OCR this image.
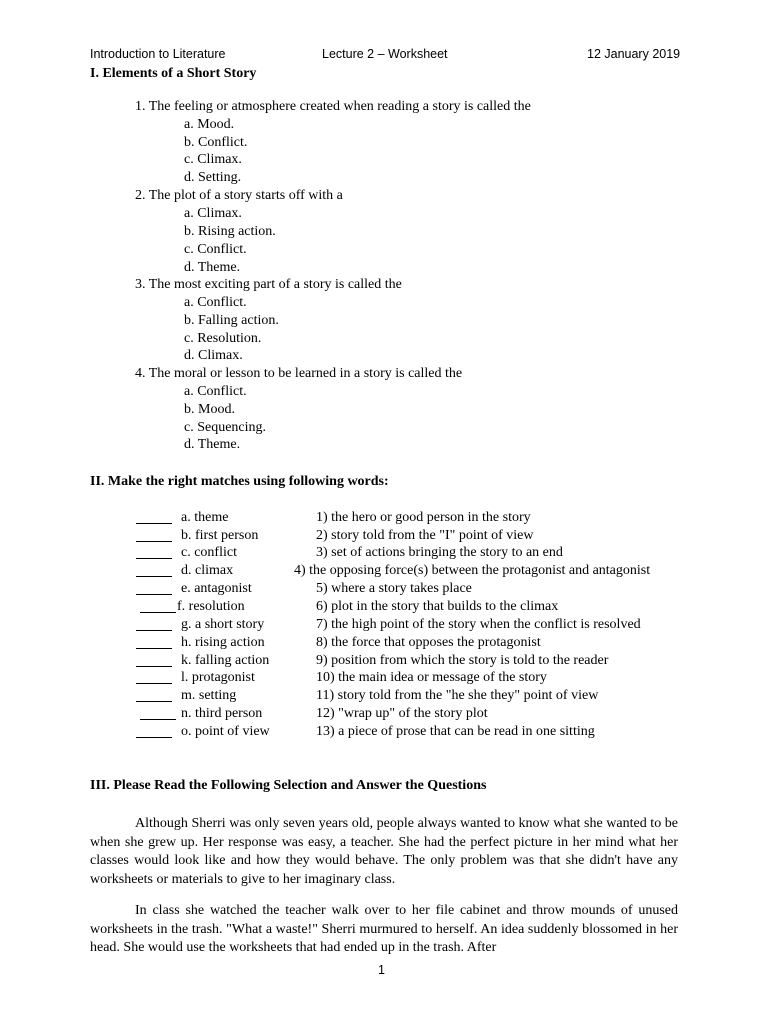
Introduction to Literature	Lecture 2 – Worksheet	12 January 2019
I. Elements of a Short Story
1. The feeling or atmosphere created when reading a story is called the
a. Mood.
b. Conflict.
c. Climax.
d. Setting.
2. The plot of a story starts off with a
a. Climax.
b. Rising action.
c. Conflict.
d. Theme.
3. The most exciting part of a story is called the
a. Conflict.
b. Falling action.
c. Resolution.
d. Climax.
4. The moral or lesson to be learned in a story is called the
a. Conflict.
b. Mood.
c. Sequencing.
d. Theme.
II. Make the right matches using following words:
a. theme	1) the hero or good person in the story
b. first person	2) story told from the "I" point of view
c. conflict	3) set of actions bringing the story to an end
d. climax	4) the opposing force(s) between the protagonist and antagonist
e. antagonist	5) where a story takes place
f. resolution	6) plot in the story that builds to the climax
g. a short story	7) the high point of the story when the conflict is resolved
h. rising action	8) the force that opposes the protagonist
k. falling action	9) position from which the story is told to the reader
l. protagonist	10) the main idea or message of the story
m. setting	11) story told from the "he she they" point of view
n. third person	12) "wrap up" of the story plot
o. point of view	13) a piece of prose that can be read in one sitting
III. Please Read the Following Selection and Answer the Questions

Although Sherri was only seven years old, people always wanted to know what she wanted to be when she grew up. Her response was easy, a teacher. She had the perfect picture in her mind what her classes would look like and how they would behave. The only problem was that she didn't have any worksheets or materials to give to her imaginary class.

In class she watched the teacher walk over to her file cabinet and throw mounds of unused worksheets in the trash. "What a waste!" Sherri murmured to herself. An idea suddenly blossomed in her head. She would use the worksheets that had ended up in the trash. After

1
